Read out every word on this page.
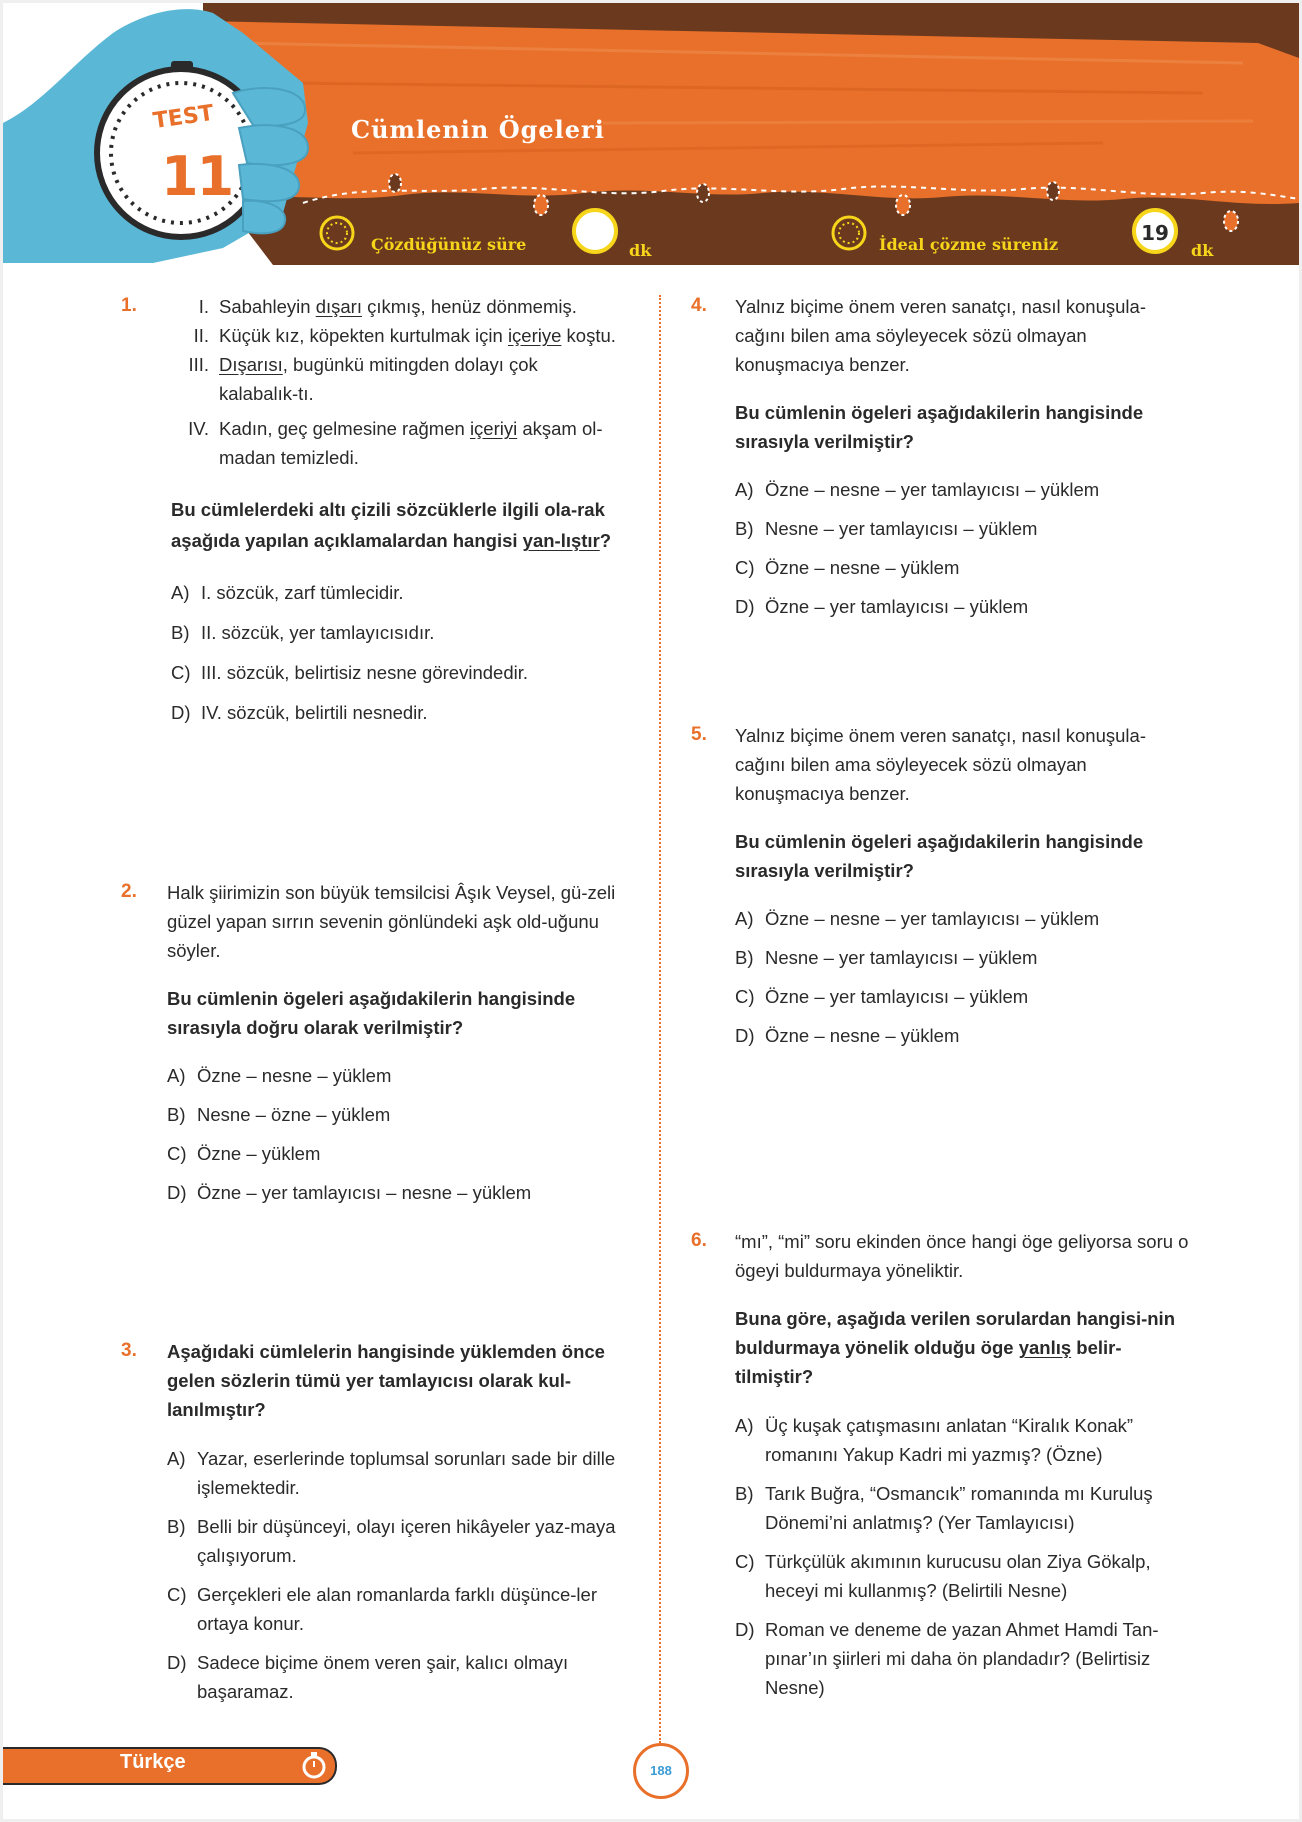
TEST
11
Cümlenin Ögeleri
Çözdüğünüz süre	dk	İdeal çözme süreniz	19
dk
1.	I. Sabahleyin dışarı çıkmış, henüz dönmemiş.
II. Küçük kız, köpekten kurtulmak için içeriye koştu.
III. Dışarısı, bugünkü mitingden dolayı çok kalabalık-tı.
IV. Kadın, geç gelmesine rağmen içeriyi akşam ol-madan temizledi.

Bu cümlelerdeki altı çizili sözcüklerle ilgili ola-rak aşağıda yapılan açıklamalardan hangisi yan-lıştır?

A) I. sözcük, zarf tümlecidir.
B) II. sözcük, yer tamlayıcısıdır.
C) III. sözcük, belirtisiz nesne görevindedir.
D) IV. sözcük, belirtili nesnedir.
2. Halk şiirimizin son büyük temsilcisi Âşık Veysel, gü-zeli güzel yapan sırrın sevenin gönlündeki aşk old-uğunu söyler.

Bu cümlenin ögeleri aşağıdakilerin hangisinde sırasıyla doğru olarak verilmiştir?

A) Özne – nesne – yüklem
B) Nesne – özne – yüklem
C) Özne – yüklem
D) Özne – yer tamlayıcısı – nesne – yüklem
3. Aşağıdaki cümlelerin hangisinde yüklemden önce gelen sözlerin tümü yer tamlayıcısı olarak kul-lanılmıştır?

A) Yazar, eserlerinde toplumsal sorunları sade bir dille işlemektedir.
B) Belli bir düşünceyi, olayı içeren hikâyeler yaz-maya çalışıyorum.
C) Gerçekleri ele alan romanlarda farklı düşünce-ler ortaya konur.
D) Sadece biçime önem veren şair, kalıcı olmayı başaramaz.
4. Yalnız biçime önem veren sanatçı, nasıl konuşula-cağını bilen ama söyleyecek sözü olmayan konuşmacıya benzer.

Bu cümlenin ögeleri aşağıdakilerin hangisinde sırasıyla verilmiştir?

A) Özne – nesne – yer tamlayıcısı – yüklem
B) Nesne – yer tamlayıcısı – yüklem
C) Özne – nesne – yüklem
D) Özne – yer tamlayıcısı – yüklem
5. Yalnız biçime önem veren sanatçı, nasıl konuşula-cağını bilen ama söyleyecek sözü olmayan konuşmacıya benzer.

Bu cümlenin ögeleri aşağıdakilerin hangisinde sırasıyla verilmiştir?

A) Özne – nesne – yer tamlayıcısı – yüklem
B) Nesne – yer tamlayıcısı – yüklem
C) Özne – yer tamlayıcısı – yüklem
D) Özne – nesne – yüklem
6. “mı”, “mi” soru ekinden önce hangi öge geliyorsa soru o ögeyi buldurmaya yöneliktir.

Buna göre, aşağıda verilen sorulardan hangisi-nin buldurmaya yönelik olduğu öge yanlış belir-tilmiştir?

A) Üç kuşak çatışmasını anlatan “Kiralık Konak” romanını Yakup Kadri mi yazmış? (Özne)
B) Tarık Buğra, “Osmancık” romanında mı Kuruluş Dönemi’ni anlatmış? (Yer Tamlayıcısı)
C) Türkçülük akımının kurucusu olan Ziya Gökalp, heceyi mi kullanmış? (Belirtili Nesne)
D) Roman ve deneme de yazan Ahmet Hamdi Tan-pınar’ın şiirleri mi daha ön plandadır? (Belirtisiz Nesne)
Türkçe	188
